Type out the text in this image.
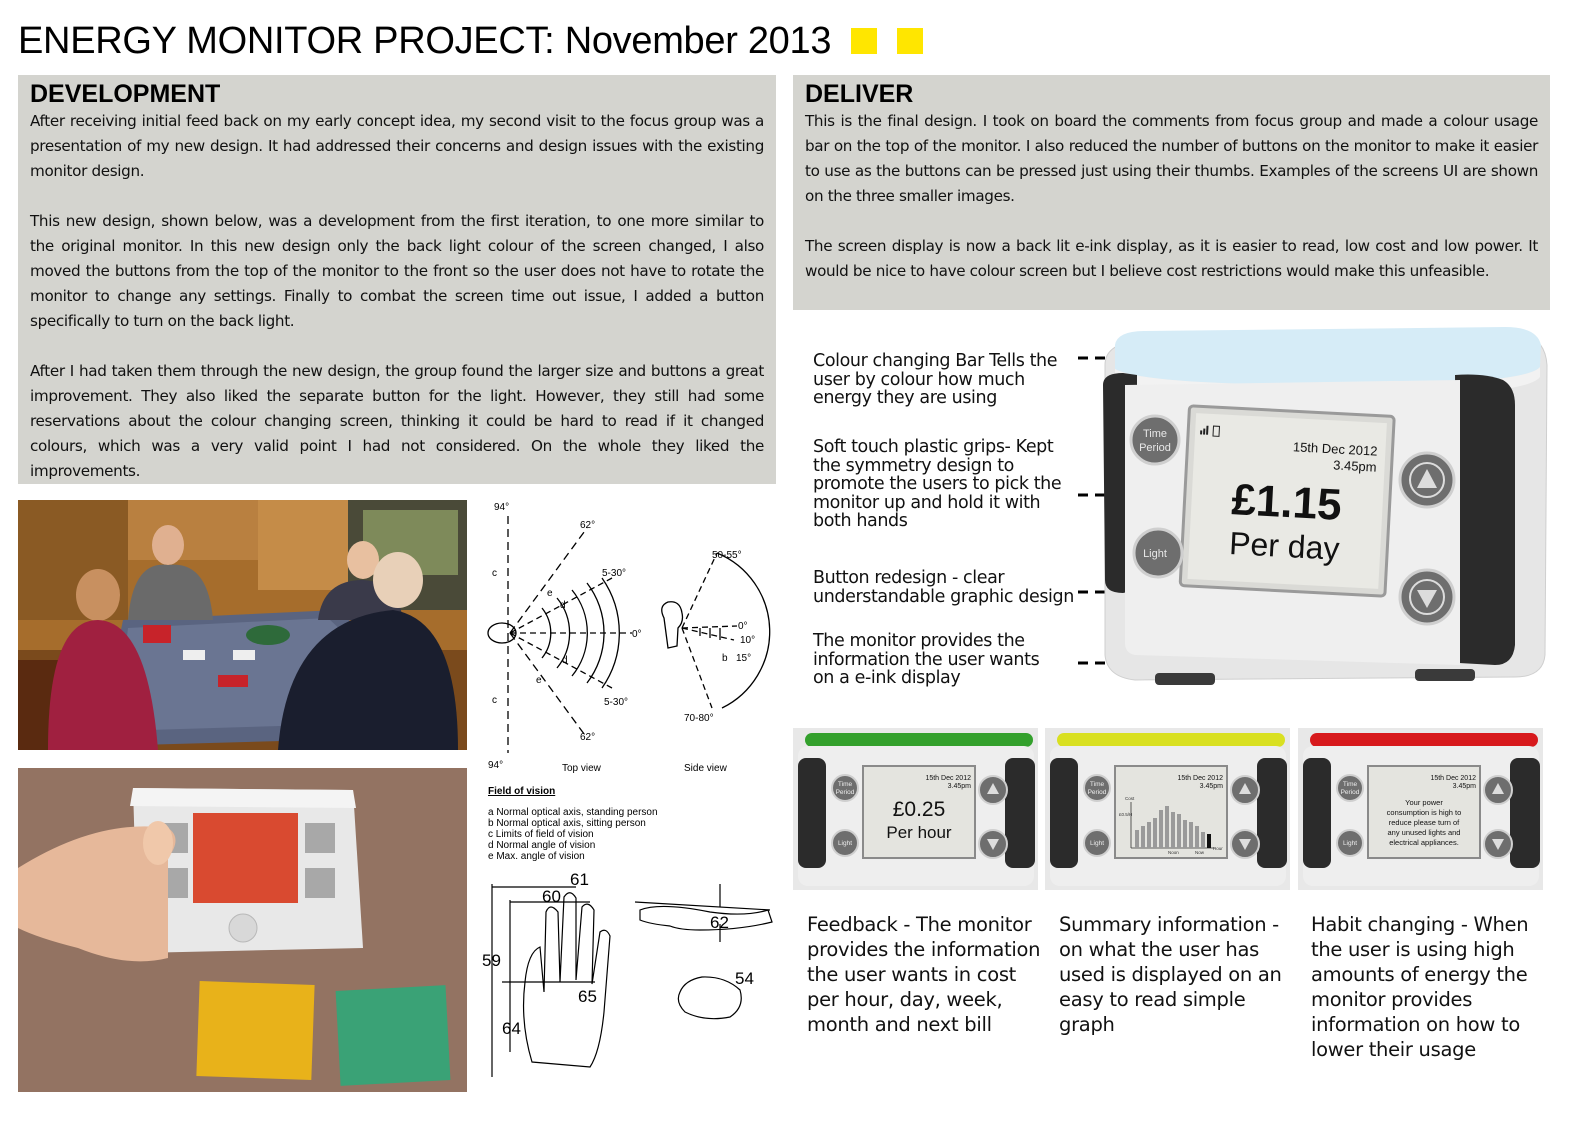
ENERGY MONITOR PROJECT: November 2013
DEVELOPMENT

After receiving initial feed back on my early concept idea, my second visit to the focus group was a presentation of my new design. It had addressed their concerns and design issues with the existing monitor design.

This new design, shown below, was a development from the first iteration, to one more similar to the original monitor. In this new design only the back light colour of the screen changed, I also moved the buttons from the top of the monitor to the front so the user does not have to rotate the monitor to change any settings. Finally to combat the screen time out issue, I added a button specifically to turn on the back light.

After I had taken them through the new design, the group found the larger size and buttons a great improvement. They also liked the separate button for the light. However, they still had some reservations about the colour changing screen, thinking it could be hard to read if it changed colours, which was a very valid point I had not considered. On the whole they liked the improvements.

DELIVER

This is the final design. I took on board the comments from focus group and made a colour usage bar on the top of the monitor. I also reduced the number of buttons on the monitor to make it easier to use as the buttons can be pressed just using their thumbs. Examples of the screens UI are shown on the three smaller images.

The screen display is now a back lit e-ink display, as it is easier to read, low cost and low power. It would be nice to have colour screen but I believe cost restrictions would make this unfeasible.

94°
62°
5-30°
0°
5-30°
62°
94°
50-55°
0°
10°
15°
70-80°
b
c
c
e
d
d
e
Top view	Side view
Field of vision
a Normal optical axis, standing person
b Normal optical axis, sitting person
c Limits of field of vision
d Normal angle of vision
e Max. angle of vision
61
60
59
65
64
62
54
Colour changing Bar Tells the user by colour how much energy they are using
Soft touch plastic grips- Kept the symmetry design to promote the users to pick the monitor up and hold it with both hands
Button redesign - clear understandable graphic design
The monitor provides the information the user wants on a e-ink display
Time
Period
Light
15th Dec 2012
3.45pm
£1.15
Per day
Time
Period
Light
15th Dec 2012
3.45pm
£0.25
Per hour
Time
Period
Light
15th Dec 2012
3.45pm
Cost
£0.5/H
Noon	Now
Hour
Time
Period
Light
15th Dec 2012
3.45pm
Your power
consumption is high to
reduce please turn of
any unused lights and
electrical appliances.
Feedback - The monitor provides the information the user wants in cost per hour, day, week, month and next bill
Summary information - on what the user has used is displayed on an easy to read simple graph
Habit changing - When the user is using high amounts of energy the monitor provides information on how to lower their usage
